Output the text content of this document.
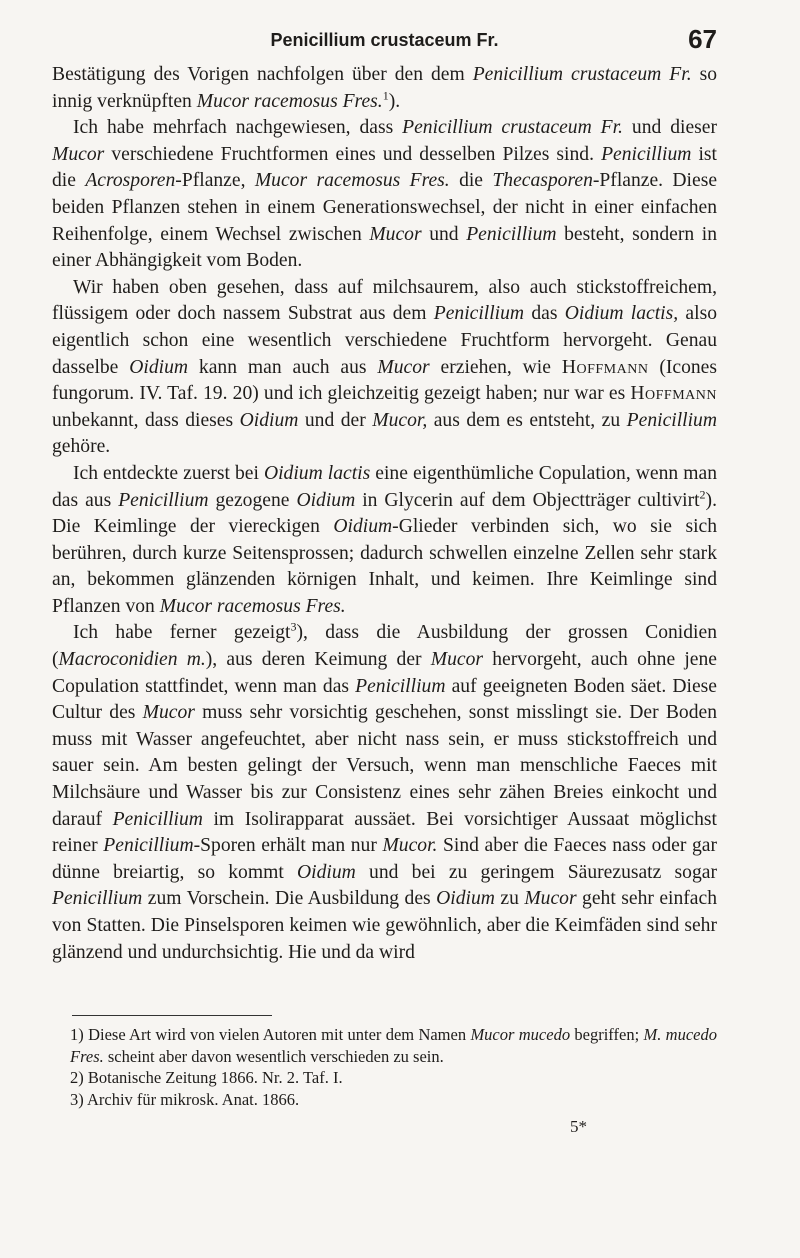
Penicillium crustaceum Fr.	67

Bestätigung des Vorigen nachfolgen über den dem Penicillium crustaceum Fr. so innig verknüpften Mucor racemosus Fres.$^1$).

Ich habe mehrfach nachgewiesen, dass Penicillium crustaceum Fr. und dieser Mucor verschiedene Fruchtformen eines und desselben Pilzes sind. Penicillium ist die Acrosporen-Pflanze, Mucor racemosus Fres. die Thecasporen-Pflanze. Diese beiden Pflanzen stehen in einem Generationswechsel, der nicht in einer einfachen Reihenfolge, einem Wechsel zwischen Mucor und Penicillium besteht, sondern in einer Abhängigkeit vom Boden.

Wir haben oben gesehen, dass auf milchsaurem, also auch stickstoffreichem, flüssigem oder doch nassem Substrat aus dem Penicillium das Oidium lactis, also eigentlich schon eine wesentlich verschiedene Fruchtform hervorgeht. Genau dasselbe Oidium kann man auch aus Mucor erziehen, wie Hoffmann (Icones fungorum. IV. Taf. 19. 20) und ich gleichzeitig gezeigt haben; nur war es Hoffmann unbekannt, dass dieses Oidium und der Mucor, aus dem es entsteht, zu Penicillium gehöre.

Ich entdeckte zuerst bei Oidium lactis eine eigenthümliche Copulation, wenn man das aus Penicillium gezogene Oidium in Glycerin auf dem Objectträger cultivirt$^2$). Die Keimlinge der viereckigen Oidium-Glieder verbinden sich, wo sie sich berühren, durch kurze Seitensprossen; dadurch schwellen einzelne Zellen sehr stark an, bekommen glänzenden körnigen Inhalt, und keimen. Ihre Keimlinge sind Pflanzen von Mucor racemosus Fres.

Ich habe ferner gezeigt$^3$), dass die Ausbildung der grossen Conidien (Macroconidien m.), aus deren Keimung der Mucor hervorgeht, auch ohne jene Copulation stattfindet, wenn man das Penicillium auf geeigneten Boden säet. Diese Cultur des Mucor muss sehr vorsichtig geschehen, sonst misslingt sie. Der Boden muss mit Wasser angefeuchtet, aber nicht nass sein, er muss stickstoffreich und sauer sein. Am besten gelingt der Versuch, wenn man menschliche Faeces mit Milchsäure und Wasser bis zur Consistenz eines sehr zähen Breies einkocht und darauf Penicillium im Isolirapparat aussäet. Bei vorsichtiger Aussaat möglichst reiner Penicillium-Sporen erhält man nur Mucor. Sind aber die Faeces nass oder gar dünne breiartig, so kommt Oidium und bei zu geringem Säurezusatz sogar Penicillium zum Vorschein. Die Ausbildung des Oidium zu Mucor geht sehr einfach von Statten. Die Pinselsporen keimen wie gewöhnlich, aber die Keimfäden sind sehr glänzend und undurchsichtig. Hie und da wird

1) Diese Art wird von vielen Autoren mit unter dem Namen Mucor mucedo begriffen; M. mucedo Fres. scheint aber davon wesentlich verschieden zu sein.

2) Botanische Zeitung 1866. Nr. 2. Taf. I.

3) Archiv für mikrosk. Anat. 1866.

5*
